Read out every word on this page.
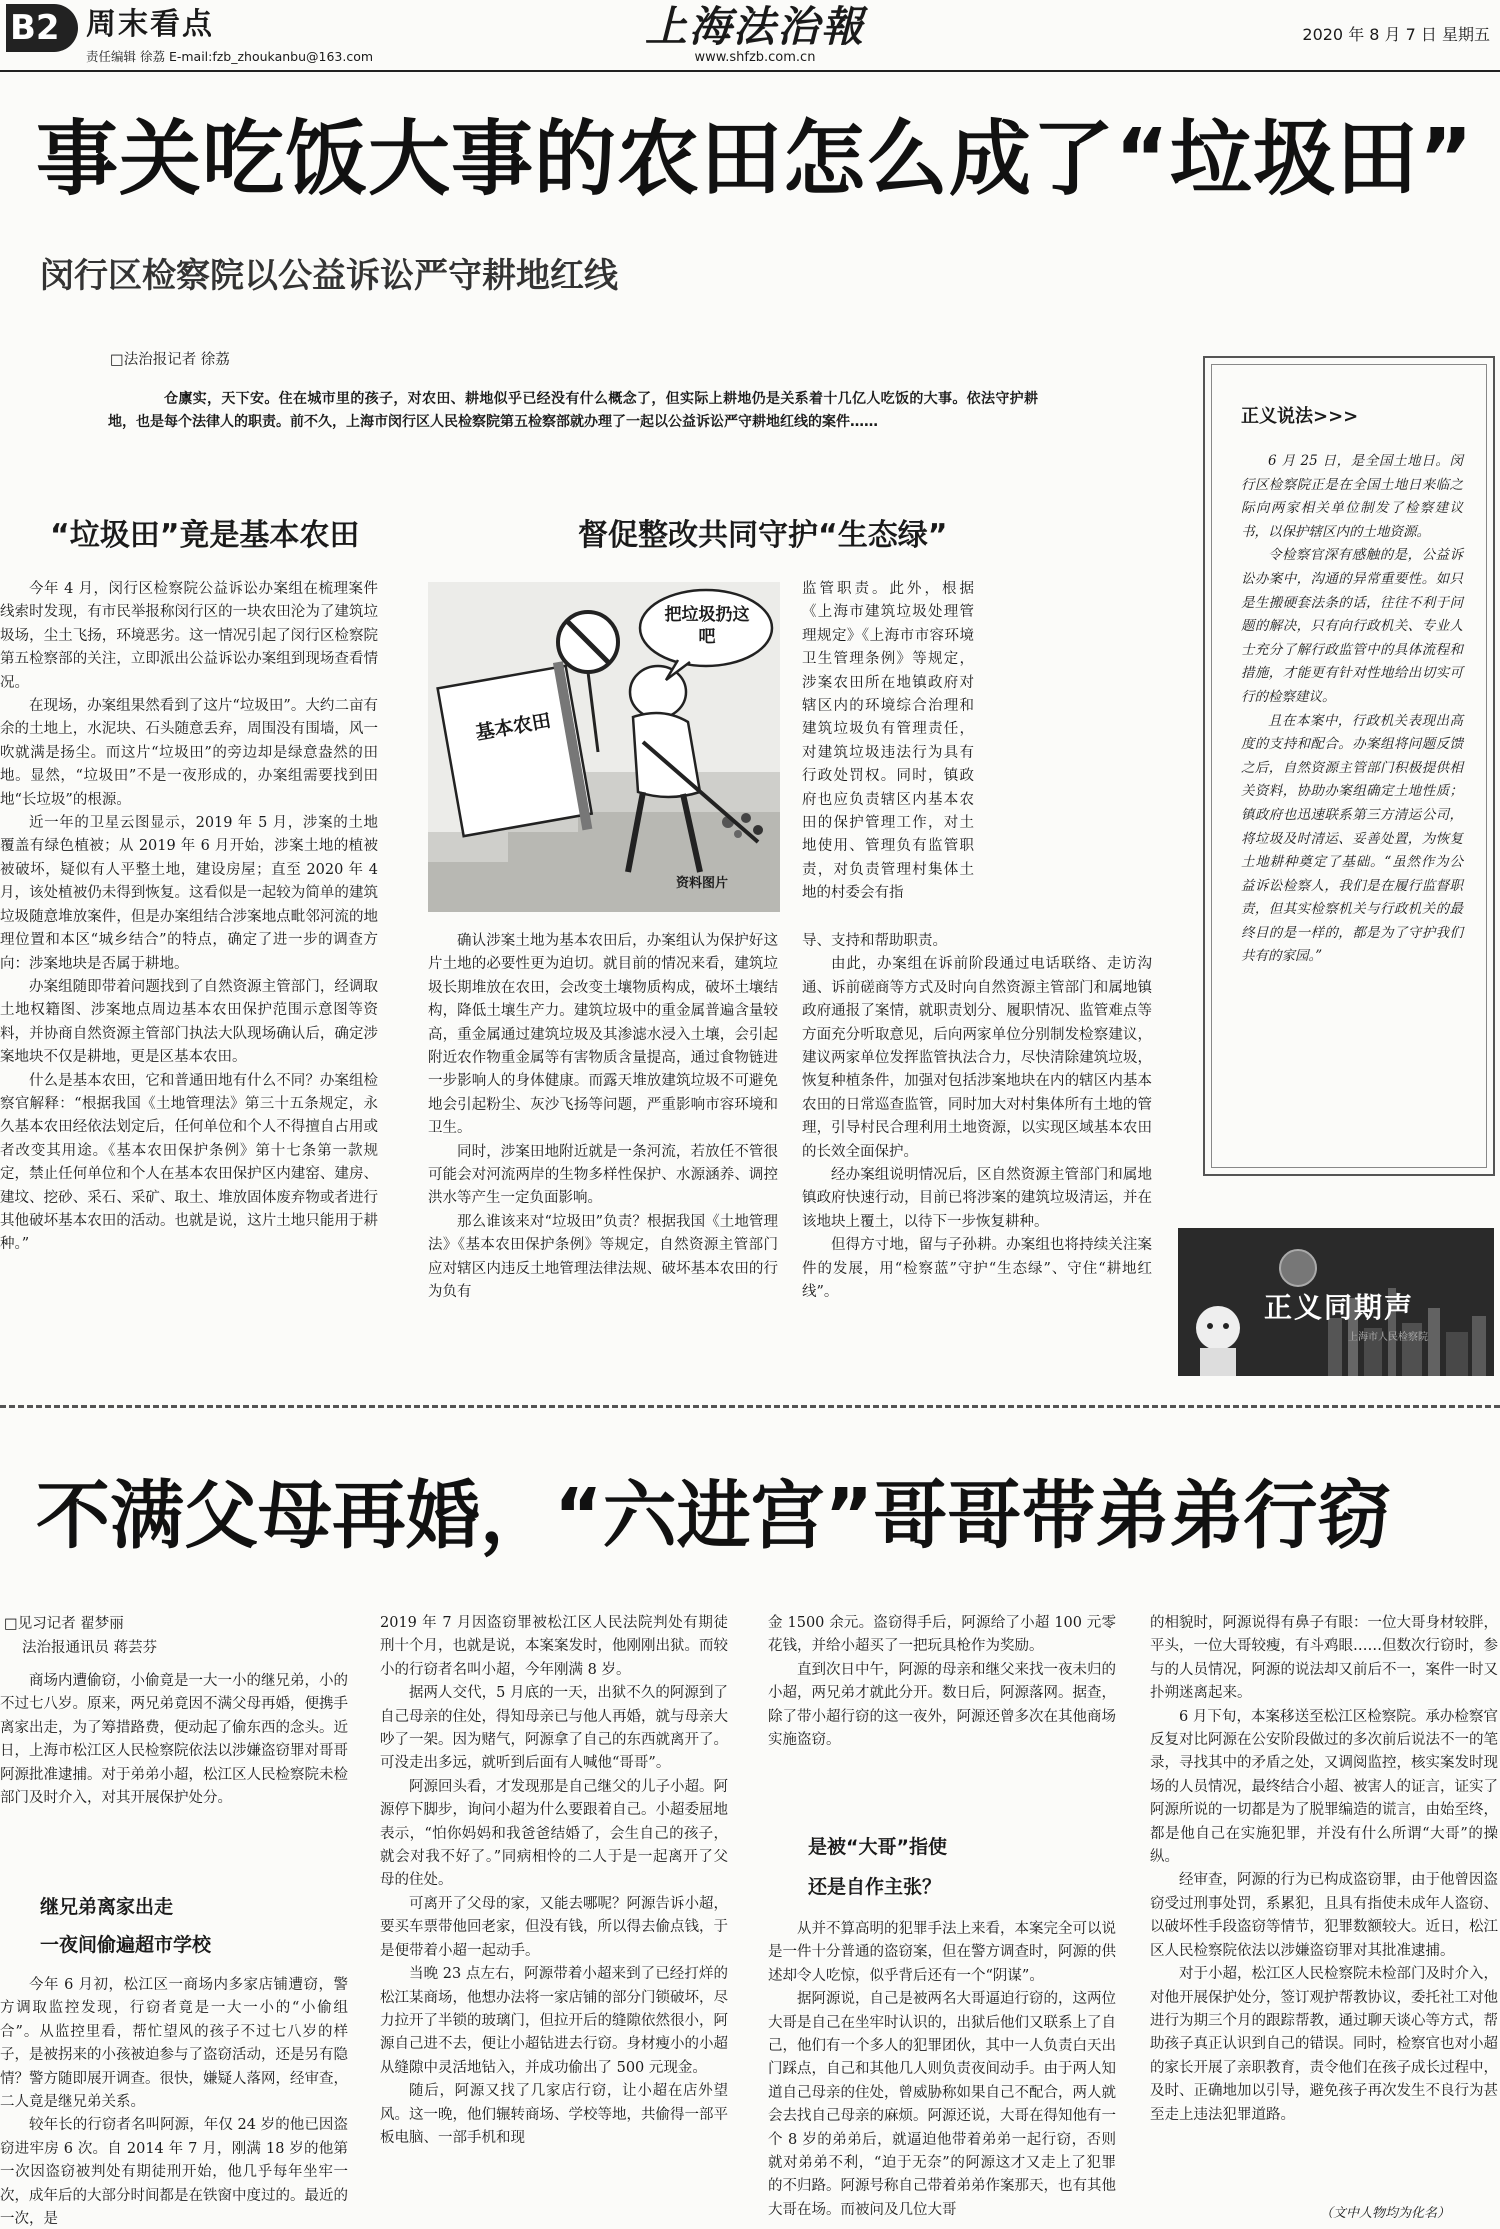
B2 周末看点
责任编辑 徐荔 E-mail:fzb_zhoukanbu@163.com
上海法治報
www.shfzb.com.cn
2020 年 8 月 7 日 星期五
事关吃饭大事的农田怎么成了“垃圾田”
闵行区检察院以公益诉讼严守耕地红线
□法治报记者 徐荔
仓廪实，天下安。住在城市里的孩子，对农田、耕地似乎已经没有什么概念了，但实际上耕地仍是关系着十几亿人吃饭的大事。依法守护耕地，也是每个法律人的职责。前不久，上海市闵行区人民检察院第五检察部就办理了一起以公益诉讼严守耕地红线的案件……
“垃圾田”竟是基本农田	督促整改共同守护“生态绿”

今年 4 月，闵行区检察院公益诉讼办案组在梳理案件线索时发现，有市民举报称闵行区的一块农田沦为了建筑垃圾场，尘土飞扬，环境恶劣。这一情况引起了闵行区检察院第五检察部的关注，立即派出公益诉讼办案组到现场查看情况。

在现场，办案组果然看到了这片“垃圾田”。大约二亩有余的土地上，水泥块、石头随意丢弃，周围没有围墙，风一吹就满是扬尘。而这片“垃圾田”的旁边却是绿意盎然的田地。显然，“垃圾田”不是一夜形成的，办案组需要找到田地“长垃圾”的根源。

近一年的卫星云图显示，2019 年 5 月，涉案的土地覆盖有绿色植被；从 2019 年 6 月开始，涉案土地的植被被破坏，疑似有人平整土地，建设房屋；直至 2020 年 4 月，该处植被仍未得到恢复。这看似是一起较为简单的建筑垃圾随意堆放案件，但是办案组结合涉案地点毗邻河流的地理位置和本区“城乡结合”的特点，确定了进一步的调查方向：涉案地块是否属于耕地。

办案组随即带着问题找到了自然资源主管部门，经调取土地权籍图、涉案地点周边基本农田保护范围示意图等资料，并协商自然资源主管部门执法大队现场确认后，确定涉案地块不仅是耕地，更是区基本农田。

什么是基本农田，它和普通田地有什么不同？办案组检察官解释：“根据我国《土地管理法》第三十五条规定，永久基本农田经依法划定后，任何单位和个人不得擅自占用或者改变其用途。《基本农田保护条例》第十七条第一款规定，禁止任何单位和个人在基本农田保护区内建窑、建房、建坟、挖砂、采石、采矿、取土、堆放固体废弃物或者进行其他破坏基本农田的活动。也就是说，这片土地只能用于耕种。”

基本农田
把垃圾扔这吧
资料图片

确认涉案土地为基本农田后，办案组认为保护好这片土地的必要性更为迫切。就目前的情况来看，建筑垃圾长期堆放在农田，会改变土壤物质构成，破坏土壤结构，降低土壤生产力。建筑垃圾中的重金属普遍含量较高，重金属通过建筑垃圾及其渗滤水浸入土壤，会引起附近农作物重金属等有害物质含量提高，通过食物链进一步影响人的身体健康。而露天堆放建筑垃圾不可避免地会引起粉尘、灰沙飞扬等问题，严重影响市容环境和卫生。

同时，涉案田地附近就是一条河流，若放任不管很可能会对河流两岸的生物多样性保护、水源涵养、调控洪水等产生一定负面影响。

那么谁该来对“垃圾田”负责？根据我国《土地管理法》《基本农田保护条例》等规定，自然资源主管部门应对辖区内违反土地管理法律法规、破坏基本农田的行为负有

监管职责。此外，根据《上海市建筑垃圾处理管理规定》《上海市市容环境卫生管理条例》等规定，涉案农田所在地镇政府对辖区内的环境综合治理和建筑垃圾负有管理责任，对建筑垃圾违法行为具有行政处罚权。同时，镇政府也应负责辖区内基本农田的保护管理工作，对土地使用、管理负有监管职责，对负责管理村集体土地的村委会有指

导、支持和帮助职责。

由此，办案组在诉前阶段通过电话联络、走访沟通、诉前磋商等方式及时向自然资源主管部门和属地镇政府通报了案情，就职责划分、履职情况、监管难点等方面充分听取意见，后向两家单位分别制发检察建议，建议两家单位发挥监管执法合力，尽快清除建筑垃圾，恢复种植条件，加强对包括涉案地块在内的辖区内基本农田的日常巡查监管，同时加大对村集体所有土地的管理，引导村民合理利用土地资源，以实现区域基本农田的长效全面保护。

经办案组说明情况后，区自然资源主管部门和属地镇政府快速行动，目前已将涉案的建筑垃圾清运，并在该地块上覆土，以待下一步恢复耕种。

但得方寸地，留与子孙耕。办案组也将持续关注案件的发展，用“检察蓝”守护“生态绿”、守住“耕地红线”。

正义说法>>>

6 月 25 日，是全国土地日。闵行区检察院正是在全国土地日来临之际向两家相关单位制发了检察建议书，以保护辖区内的土地资源。

令检察官深有感触的是，公益诉讼办案中，沟通的异常重要性。如只是生搬硬套法条的话，往往不利于问题的解决，只有向行政机关、专业人士充分了解行政监管中的具体流程和措施，才能更有针对性地给出切实可行的检察建议。

且在本案中，行政机关表现出高度的支持和配合。办案组将问题反馈之后，自然资源主管部门积极提供相关资料，协助办案组确定土地性质；镇政府也迅速联系第三方清运公司，将垃圾及时清运、妥善处置，为恢复土地耕种奠定了基础。“虽然作为公益诉讼检察人，我们是在履行监督职责，但其实检察机关与行政机关的最终目的是一样的，都是为了守护我们共有的家园。”

正义同期声
上海市人民检察院
不满父母再婚，“六进宫”哥哥带弟弟行窃
□见习记者 翟梦丽
法治报通讯员 蒋芸芬

商场内遭偷窃，小偷竟是一大一小的继兄弟，小的不过七八岁。原来，两兄弟竟因不满父母再婚，便携手离家出走，为了筹措路费，便动起了偷东西的念头。近日，上海市松江区人民检察院依法以涉嫌盗窃罪对哥哥阿源批准逮捕。对于弟弟小超，松江区人民检察院未检部门及时介入，对其开展保护处分。

继兄弟离家出走
一夜间偷遍超市学校

今年 6 月初，松江区一商场内多家店铺遭窃，警方调取监控发现，行窃者竟是一大一小的“小偷组合”。从监控里看，帮忙望风的孩子不过七八岁的样子，是被拐来的小孩被迫参与了盗窃活动，还是另有隐情？警方随即展开调查。很快，嫌疑人落网，经审查，二人竟是继兄弟关系。

较年长的行窃者名叫阿源，年仅 24 岁的他已因盗窃进牢房 6 次。自 2014 年 7 月，刚满 18 岁的他第一次因盗窃被判处有期徒刑开始，他几乎每年坐牢一次，成年后的大部分时间都是在铁窗中度过的。最近的一次，是

2019 年 7 月因盗窃罪被松江区人民法院判处有期徒刑十个月，也就是说，本案案发时，他刚刚出狱。而较小的行窃者名叫小超，今年刚满 8 岁。

据两人交代，5 月底的一天，出狱不久的阿源到了自己母亲的住处，得知母亲已与他人再婚，就与母亲大吵了一架。因为赌气，阿源拿了自己的东西就离开了。可没走出多远，就听到后面有人喊他“哥哥”。

阿源回头看，才发现那是自己继父的儿子小超。阿源停下脚步，询问小超为什么要跟着自己。小超委屈地表示，“怕你妈妈和我爸爸结婚了，会生自己的孩子，就会对我不好了。”同病相怜的二人于是一起离开了父母的住处。

可离开了父母的家，又能去哪呢？阿源告诉小超，要买车票带他回老家，但没有钱，所以得去偷点钱，于是便带着小超一起动手。

当晚 23 点左右，阿源带着小超来到了已经打烊的松江某商场，他想办法将一家店铺的部分门锁破坏，尽力拉开了半锁的玻璃门，但拉开后的缝隙依然很小，阿源自己进不去，便让小超钻进去行窃。身材瘦小的小超从缝隙中灵活地钻入，并成功偷出了 500 元现金。

随后，阿源又找了几家店行窃，让小超在店外望风。这一晚，他们辗转商场、学校等地，共偷得一部平板电脑、一部手机和现

金 1500 余元。盗窃得手后，阿源给了小超 100 元零花钱，并给小超买了一把玩具枪作为奖励。

直到次日中午，阿源的母亲和继父来找一夜未归的小超，两兄弟才就此分开。数日后，阿源落网。据查，除了带小超行窃的这一夜外，阿源还曾多次在其他商场实施盗窃。

是被“大哥”指使
还是自作主张？

从并不算高明的犯罪手法上来看，本案完全可以说是一件十分普通的盗窃案，但在警方调查时，阿源的供述却令人吃惊，似乎背后还有一个“阴谋”。

据阿源说，自己是被两名大哥逼迫行窃的，这两位大哥是自己在坐牢时认识的，出狱后他们又联系上了自己，他们有一个多人的犯罪团伙，其中一人负责白天出门踩点，自己和其他几人则负责夜间动手。由于两人知道自己母亲的住处，曾威胁称如果自己不配合，两人就会去找自己母亲的麻烦。阿源还说，大哥在得知他有一个 8 岁的弟弟后，就逼迫他带着弟弟一起行窃，否则就对弟弟不利，“迫于无奈”的阿源这才又走上了犯罪的不归路。阿源号称自己带着弟弟作案那天，也有其他大哥在场。而被问及几位大哥

的相貌时，阿源说得有鼻子有眼：一位大哥身材较胖，平头，一位大哥较瘦，有斗鸡眼……但数次行窃时，参与的人员情况，阿源的说法却又前后不一，案件一时又扑朔迷离起来。

6 月下旬，本案移送至松江区检察院。承办检察官反复对比阿源在公安阶段做过的多次前后说法不一的笔录，寻找其中的矛盾之处，又调阅监控，核实案发时现场的人员情况，最终结合小超、被害人的证言，证实了阿源所说的一切都是为了脱罪编造的谎言，由始至终，都是他自己在实施犯罪，并没有什么所谓“大哥”的操纵。

经审查，阿源的行为已构成盗窃罪，由于他曾因盗窃受过刑事处罚，系累犯，且具有指使未成年人盗窃、以破坏性手段盗窃等情节，犯罪数额较大。近日，松江区人民检察院依法以涉嫌盗窃罪对其批准逮捕。

对于小超，松江区人民检察院未检部门及时介入，对他开展保护处分，签订观护帮教协议，委托社工对他进行为期三个月的跟踪帮教，通过聊天谈心等方式，帮助孩子真正认识到自己的错误。同时，检察官也对小超的家长开展了亲职教育，责令他们在孩子成长过程中，及时、正确地加以引导，避免孩子再次发生不良行为甚至走上违法犯罪道路。

（文中人物均为化名）
